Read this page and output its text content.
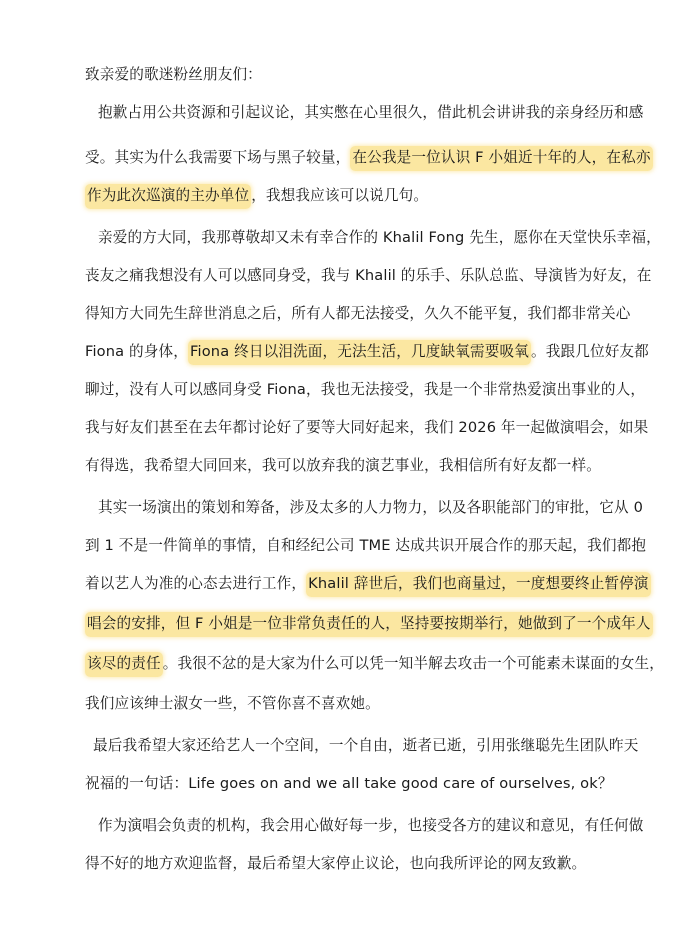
致亲爱的歌迷粉丝朋友们：
抱歉占用公共资源和引起议论，其实憋在心里很久，借此机会讲讲我的亲身经历和感
受。其实为什么我需要下场与黑子较量， 在公我是一位认识 F 小姐近十年的人，在私亦
作为此次巡演的主办单位 ，我想我应该可以说几句。
亲爱的方大同，我那尊敬却又未有幸合作的 Khalil Fong 先生，愿你在天堂快乐幸福，
丧友之痛我想没有人可以感同身受，我与 Khalil 的乐手、乐队总监、导演皆为好友，在
得知方大同先生辞世消息之后，所有人都无法接受，久久不能平复，我们都非常关心
Fiona 的身体， Fiona 终日以泪洗面，无法生活，几度缺氧需要吸氧 。我跟几位好友都
聊过，没有人可以感同身受 Fiona，我也无法接受，我是一个非常热爱演出事业的人，
我与好友们甚至在去年都讨论好了要等大同好起来，我们 2026 年一起做演唱会，如果
有得选，我希望大同回来，我可以放弃我的演艺事业，我相信所有好友都一样。
其实一场演出的策划和筹备，涉及太多的人力物力，以及各职能部门的审批，它从 0
到 1 不是一件简单的事情，自和经纪公司 TME 达成共识开展合作的那天起，我们都抱
着以艺人为准的心态去进行工作， Khalil 辞世后，我们也商量过，一度想要终止暂停演
唱会的安排，但 F 小姐是一位非常负责任的人，坚持要按期举行，她做到了一个成年人
该尽的责任 。我很不忿的是大家为什么可以凭一知半解去攻击一个可能素未谋面的女生，
我们应该绅士淑女一些，不管你喜不喜欢她。
最后我希望大家还给艺人一个空间，一个自由，逝者已逝，引用张继聪先生团队昨天
祝福的一句话：Life goes on and we all take good care of ourselves, ok？
作为演唱会负责的机构，我会用心做好每一步，也接受各方的建议和意见，有任何做
得不好的地方欢迎监督，最后希望大家停止议论，也向我所评论的网友致歉。
